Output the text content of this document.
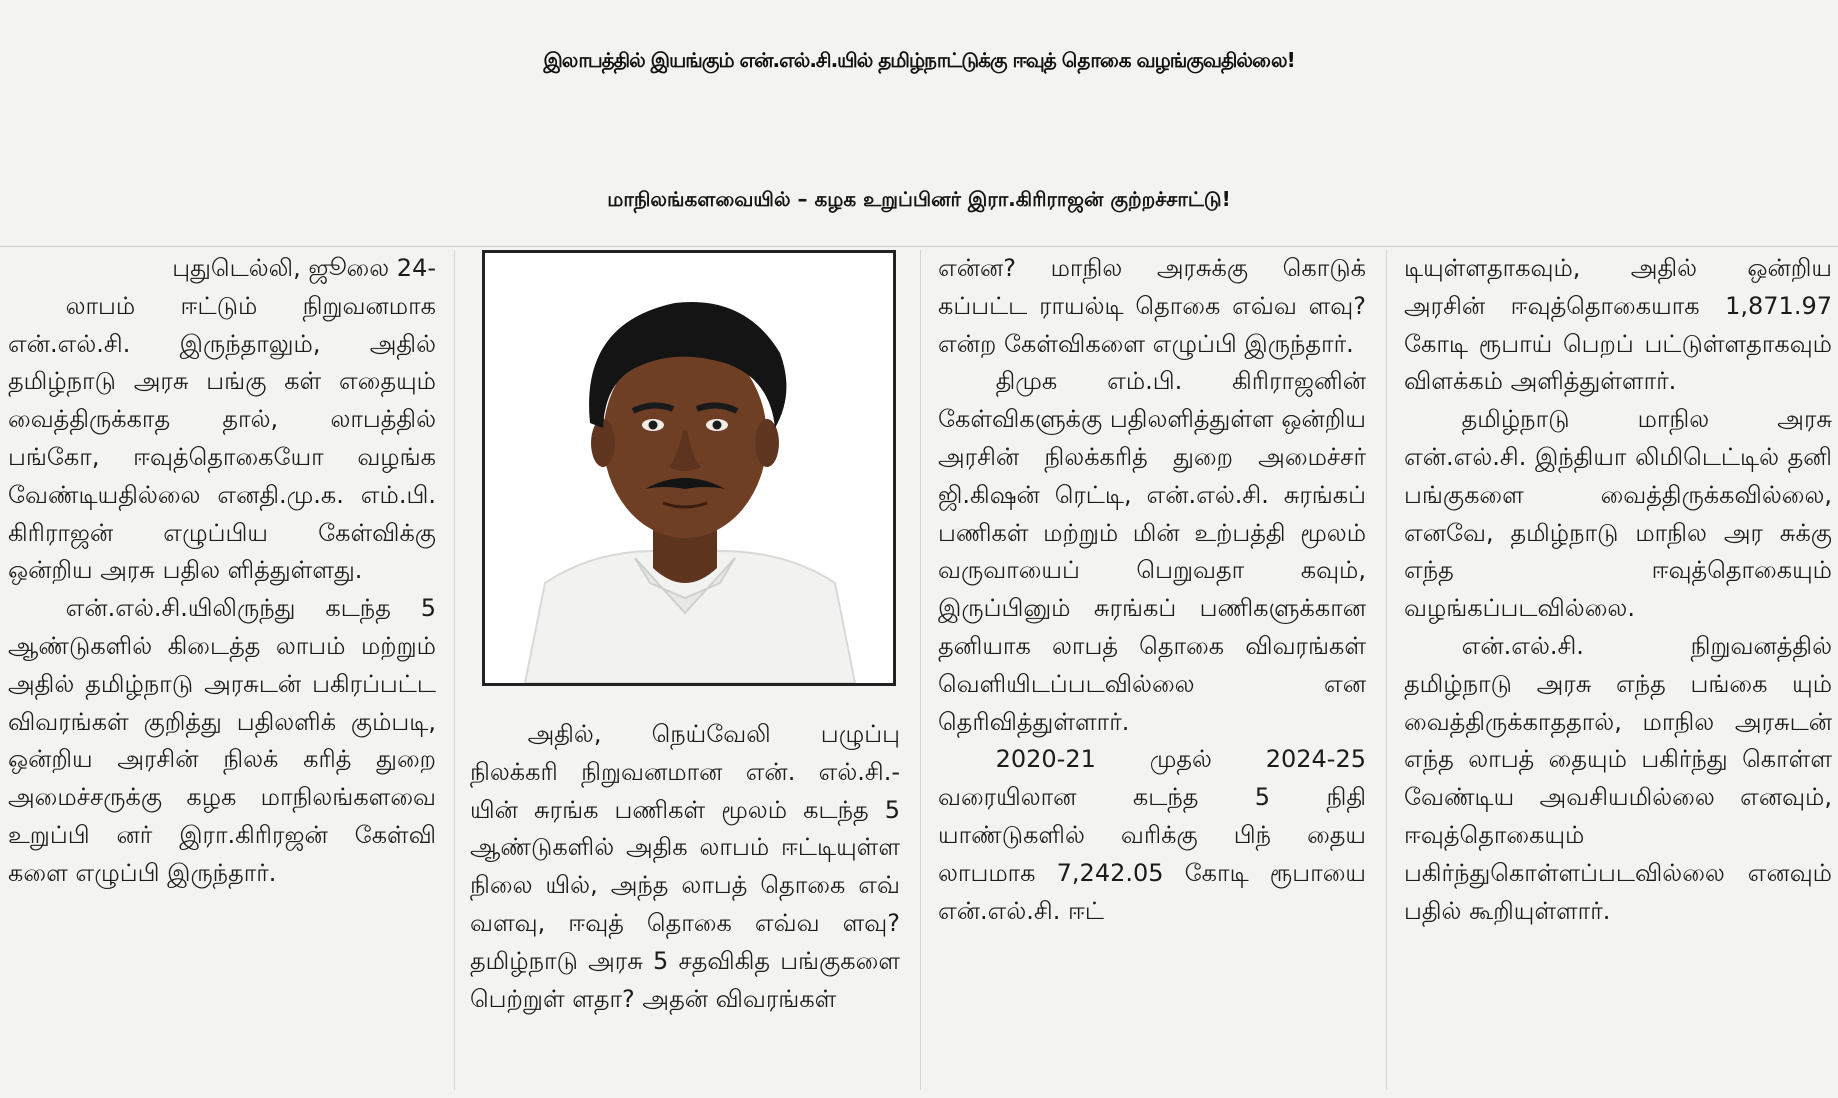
இலாபத்தில் இயங்கும் என்.எல்.சி.யில் தமிழ்நாட்டுக்கு ஈவுத் தொகை வழங்குவதில்லை!
மாநிலங்களவையில் – கழக உறுப்பினர் இரா.கிரிராஜன் குற்றச்சாட்டு!

புதுடெல்லி, ஜூலை 24-

லாபம் ஈட்டும் நிறுவனமாக என்.எல்.சி. இருந்தாலும், அதில் தமிழ்நாடு அரசு பங்கு கள் எதையும் வைத்திருக்காத தால், லாபத்தில் பங்கோ, ஈவுத்தொகையோ வழங்க வேண்டியதில்லை எனதி.மு.க. எம்.பி. கிரிராஜன் எழுப்பிய கேள்விக்கு ஒன்றிய அரசு பதில ளித்துள்ளது.

என்.எல்.சி.யிலிருந்து கடந்த 5 ஆண்டுகளில் கிடைத்த லாபம் மற்றும் அதில் தமிழ்நாடு அரசுடன் பகிரப்பட்ட விவரங்கள் குறித்து பதிலளிக் கும்படி, ஒன்றிய அரசின் நிலக் கரித் துறை அமைச்சருக்கு கழக மாநிலங்களவை உறுப்பி னர் இரா.கிரிரஜன் கேள்வி களை எழுப்பி இருந்தார்.

அதில், நெய்வேலி பழுப்பு நிலக்கரி நிறுவனமான என். எல்.சி.-யின் சுரங்க பணிகள் மூலம் கடந்த 5 ஆண்டுகளில் அதிக லாபம் ஈட்டியுள்ள நிலை யில், அந்த லாபத் தொகை எவ் வளவு, ஈவுத் தொகை எவ்வ ளவு? தமிழ்நாடு அரசு 5 சதவிகித பங்குகளை பெற்றுள் ளதா? அதன் விவரங்கள்

என்ன? மாநில அரசுக்கு கொடுக் கப்பட்ட ராயல்டி தொகை எவ்வ ளவு? என்ற கேள்விகளை எழுப்பி இருந்தார்.

திமுக எம்.பி. கிரிராஜனின் கேள்விகளுக்கு பதிலளித்துள்ள ஒன்றிய அரசின் நிலக்கரித் துறை அமைச்சர் ஜி.கிஷன் ரெட்டி, என்.எல்.சி. சுரங்கப் பணிகள் மற்றும் மின் உற்பத்தி மூலம் வருவாயைப் பெறுவதா கவும், இருப்பினும் சுரங்கப் பணிகளுக்கான தனியாக லாபத் தொகை விவரங்கள் வெளியிடப்படவில்லை என தெரிவித்துள்ளார்.

2020-21 முதல் 2024-25 வரையிலான கடந்த 5 நிதி யாண்டுகளில் வரிக்கு பிந் தைய லாபமாக 7,242.05 கோடி ரூபாயை என்.எல்.சி. ஈட்

டியுள்ளதாகவும், அதில் ஒன்றிய அரசின் ஈவுத்தொகையாக 1,871.97 கோடி ரூபாய் பெறப் பட்டுள்ளதாகவும் விளக்கம் அளித்துள்ளார்.

தமிழ்நாடு மாநில அரசு என்.எல்.சி. இந்தியா லிமிடெட்டில் தனி பங்குகளை வைத்திருக்கவில்லை, எனவே, தமிழ்நாடு மாநில அர சுக்கு எந்த ஈவுத்தொகையும் வழங்கப்படவில்லை.

என்.எல்.சி. நிறுவனத்தில் தமிழ்நாடு அரசு எந்த பங்கை யும் வைத்திருக்காததால், மாநில அரசுடன் எந்த லாபத் தையும் பகிர்ந்து கொள்ள வேண்டிய அவசியமில்லை எனவும், ஈவுத்தொகையும் பகிர்ந்துகொள்ளப்படவில்லை எனவும் பதில் கூறியுள்ளார்.
